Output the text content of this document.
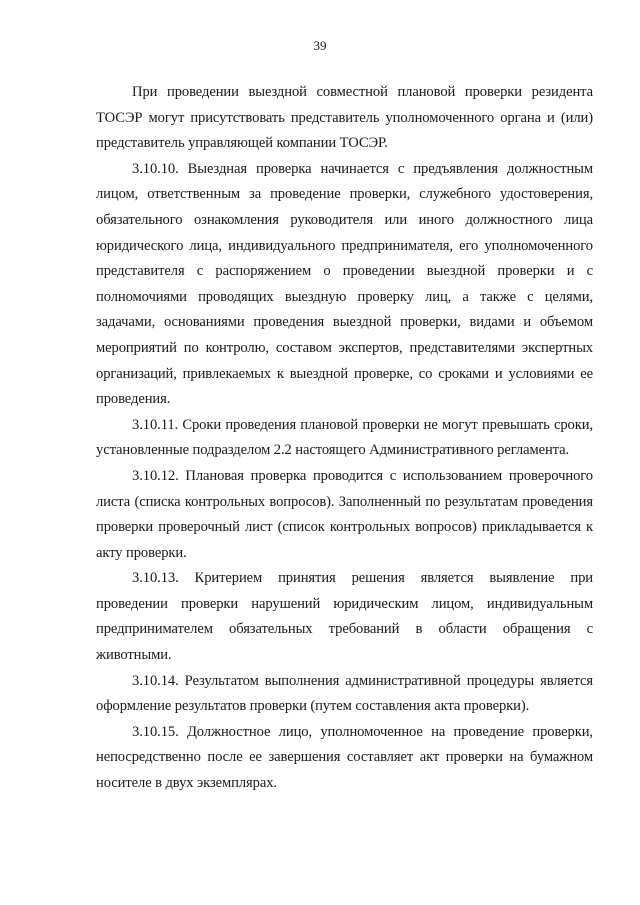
39

При проведении выездной совместной плановой проверки резидента ТОСЭР могут присутствовать представитель уполномоченного органа и (или) представитель управляющей компании ТОСЭР.

3.10.10. Выездная проверка начинается с предъявления должностным лицом, ответственным за проведение проверки, служебного удостоверения, обязательного ознакомления руководителя или иного должностного лица юридического лица, индивидуального предпринимателя, его уполномоченного представителя с распоряжением о проведении выездной проверки и с полномочиями проводящих выездную проверку лиц, а также с целями, задачами, основаниями проведения выездной проверки, видами и объемом мероприятий по контролю, составом экспертов, представителями экспертных организаций, привлекаемых к выездной проверке, со сроками и условиями ее проведения.

3.10.11. Сроки проведения плановой проверки не могут превышать сроки, установленные подразделом 2.2 настоящего Административного регламента.

3.10.12. Плановая проверка проводится с использованием проверочного листа (списка контрольных вопросов). Заполненный по результатам проведения проверки проверочный лист (список контрольных вопросов) прикладывается к акту проверки.

3.10.13. Критерием принятия решения является выявление при проведении проверки нарушений юридическим лицом, индивидуальным предпринимателем обязательных требований в области обращения с животными.

3.10.14. Результатом выполнения административной процедуры является оформление результатов проверки (путем составления акта проверки).

3.10.15. Должностное лицо, уполномоченное на проведение проверки, непосредственно после ее завершения составляет акт проверки на бумажном носителе в двух экземплярах.
